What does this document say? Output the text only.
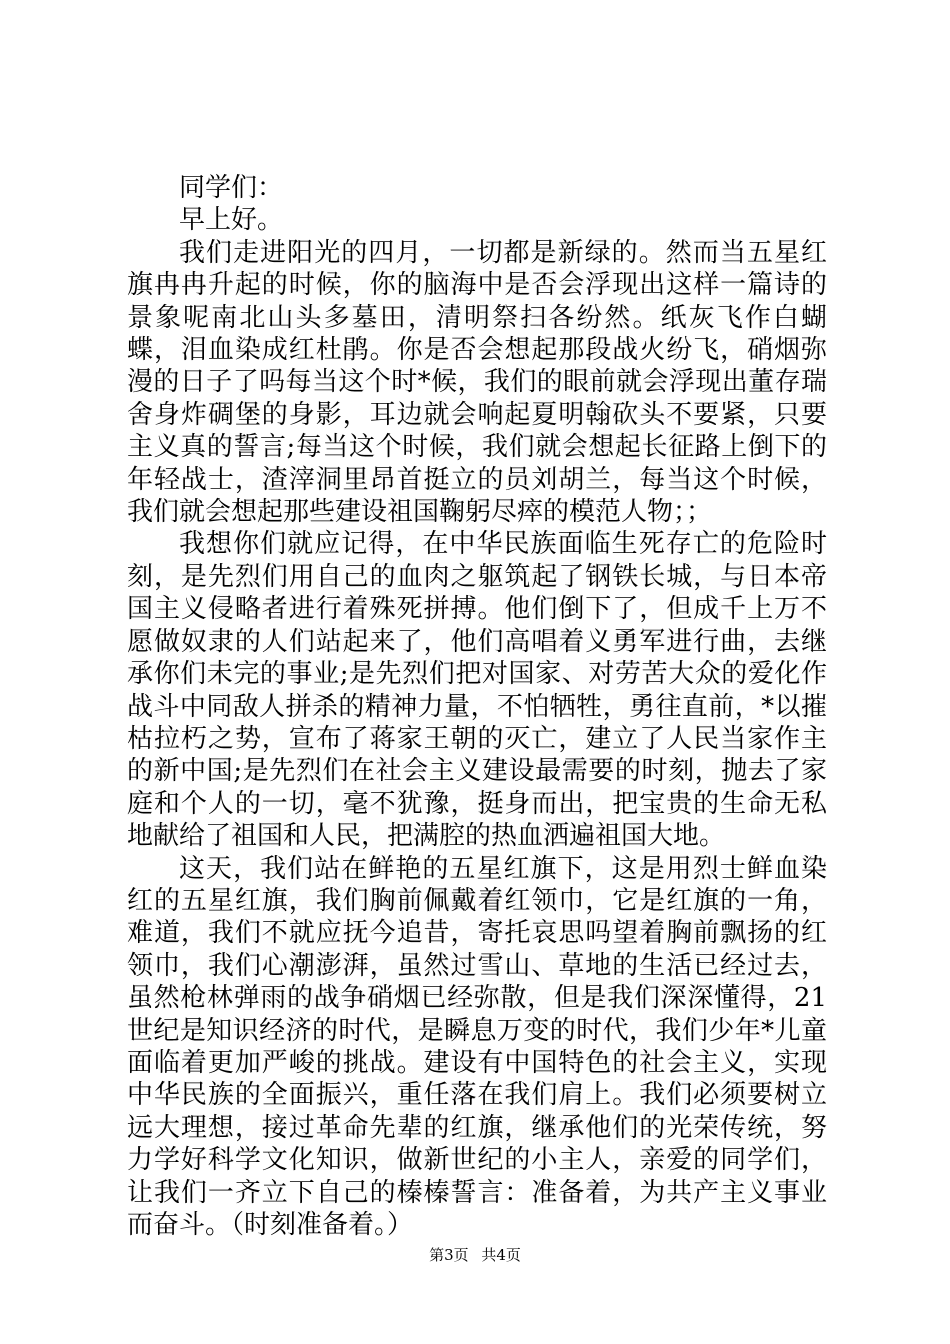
同学们：

早上好。

我们走进阳光的四月，一切都是新绿的。然而当五星红旗冉冉升起的时候，你的脑海中是否会浮现出这样一篇诗的景象呢南北山头多墓田，清明祭扫各纷然。纸灰飞作白蝴蝶，泪血染成红杜鹃。你是否会想起那段战火纷飞，硝烟弥漫的日子了吗每当这个时*候，我们的眼前就会浮现出董存瑞舍身炸碉堡的身影，耳边就会响起夏明翰砍头不要紧，只要主义真的誓言;每当这个时候，我们就会想起长征路上倒下的年轻战士，渣滓洞里昂首挺立的员刘胡兰，每当这个时候，我们就会想起那些建设祖国鞠躬尽瘁的模范人物；；

我想你们就应记得，在中华民族面临生死存亡的危险时刻，是先烈们用自己的血肉之躯筑起了钢铁长城，与日本帝国主义侵略者进行着殊死拼搏。他们倒下了，但成千上万不愿做奴隶的人们站起来了，他们高唱着义勇军进行曲，去继承你们未完的事业;是先烈们把对国家、对劳苦大众的爱化作战斗中同敌人拼杀的精神力量，不怕牺牲，勇往直前，*以摧枯拉朽之势，宣布了蒋家王朝的灭亡，建立了人民当家作主的新中国;是先烈们在社会主义建设最需要的时刻，抛去了家庭和个人的一切，毫不犹豫，挺身而出，把宝贵的生命无私地献给了祖国和人民，把满腔的热血洒遍祖国大地。

这天，我们站在鲜艳的五星红旗下，这是用烈士鲜血染红的五星红旗，我们胸前佩戴着红领巾，它是红旗的一角，难道，我们不就应抚今追昔，寄托哀思吗望着胸前飘扬的红领巾，我们心潮澎湃，虽然过雪山、草地的生活已经过去，虽然枪林弹雨的战争硝烟已经弥散，但是我们深深懂得，21世纪是知识经济的时代，是瞬息万变的时代，我们少年*儿童面临着更加严峻的挑战。建设有中国特色的社会主义，实现中华民族的全面振兴，重任落在我们肩上。我们必须要树立远大理想，接过革命先辈的红旗，继承他们的光荣传统，努力学好科学文化知识，做新世纪的小主人，亲爱的同学们，让我们一齐立下自己的榛榛誓言：准备着，为共产主义事业而奋斗。（时刻准备着。）

第3页 共4页
